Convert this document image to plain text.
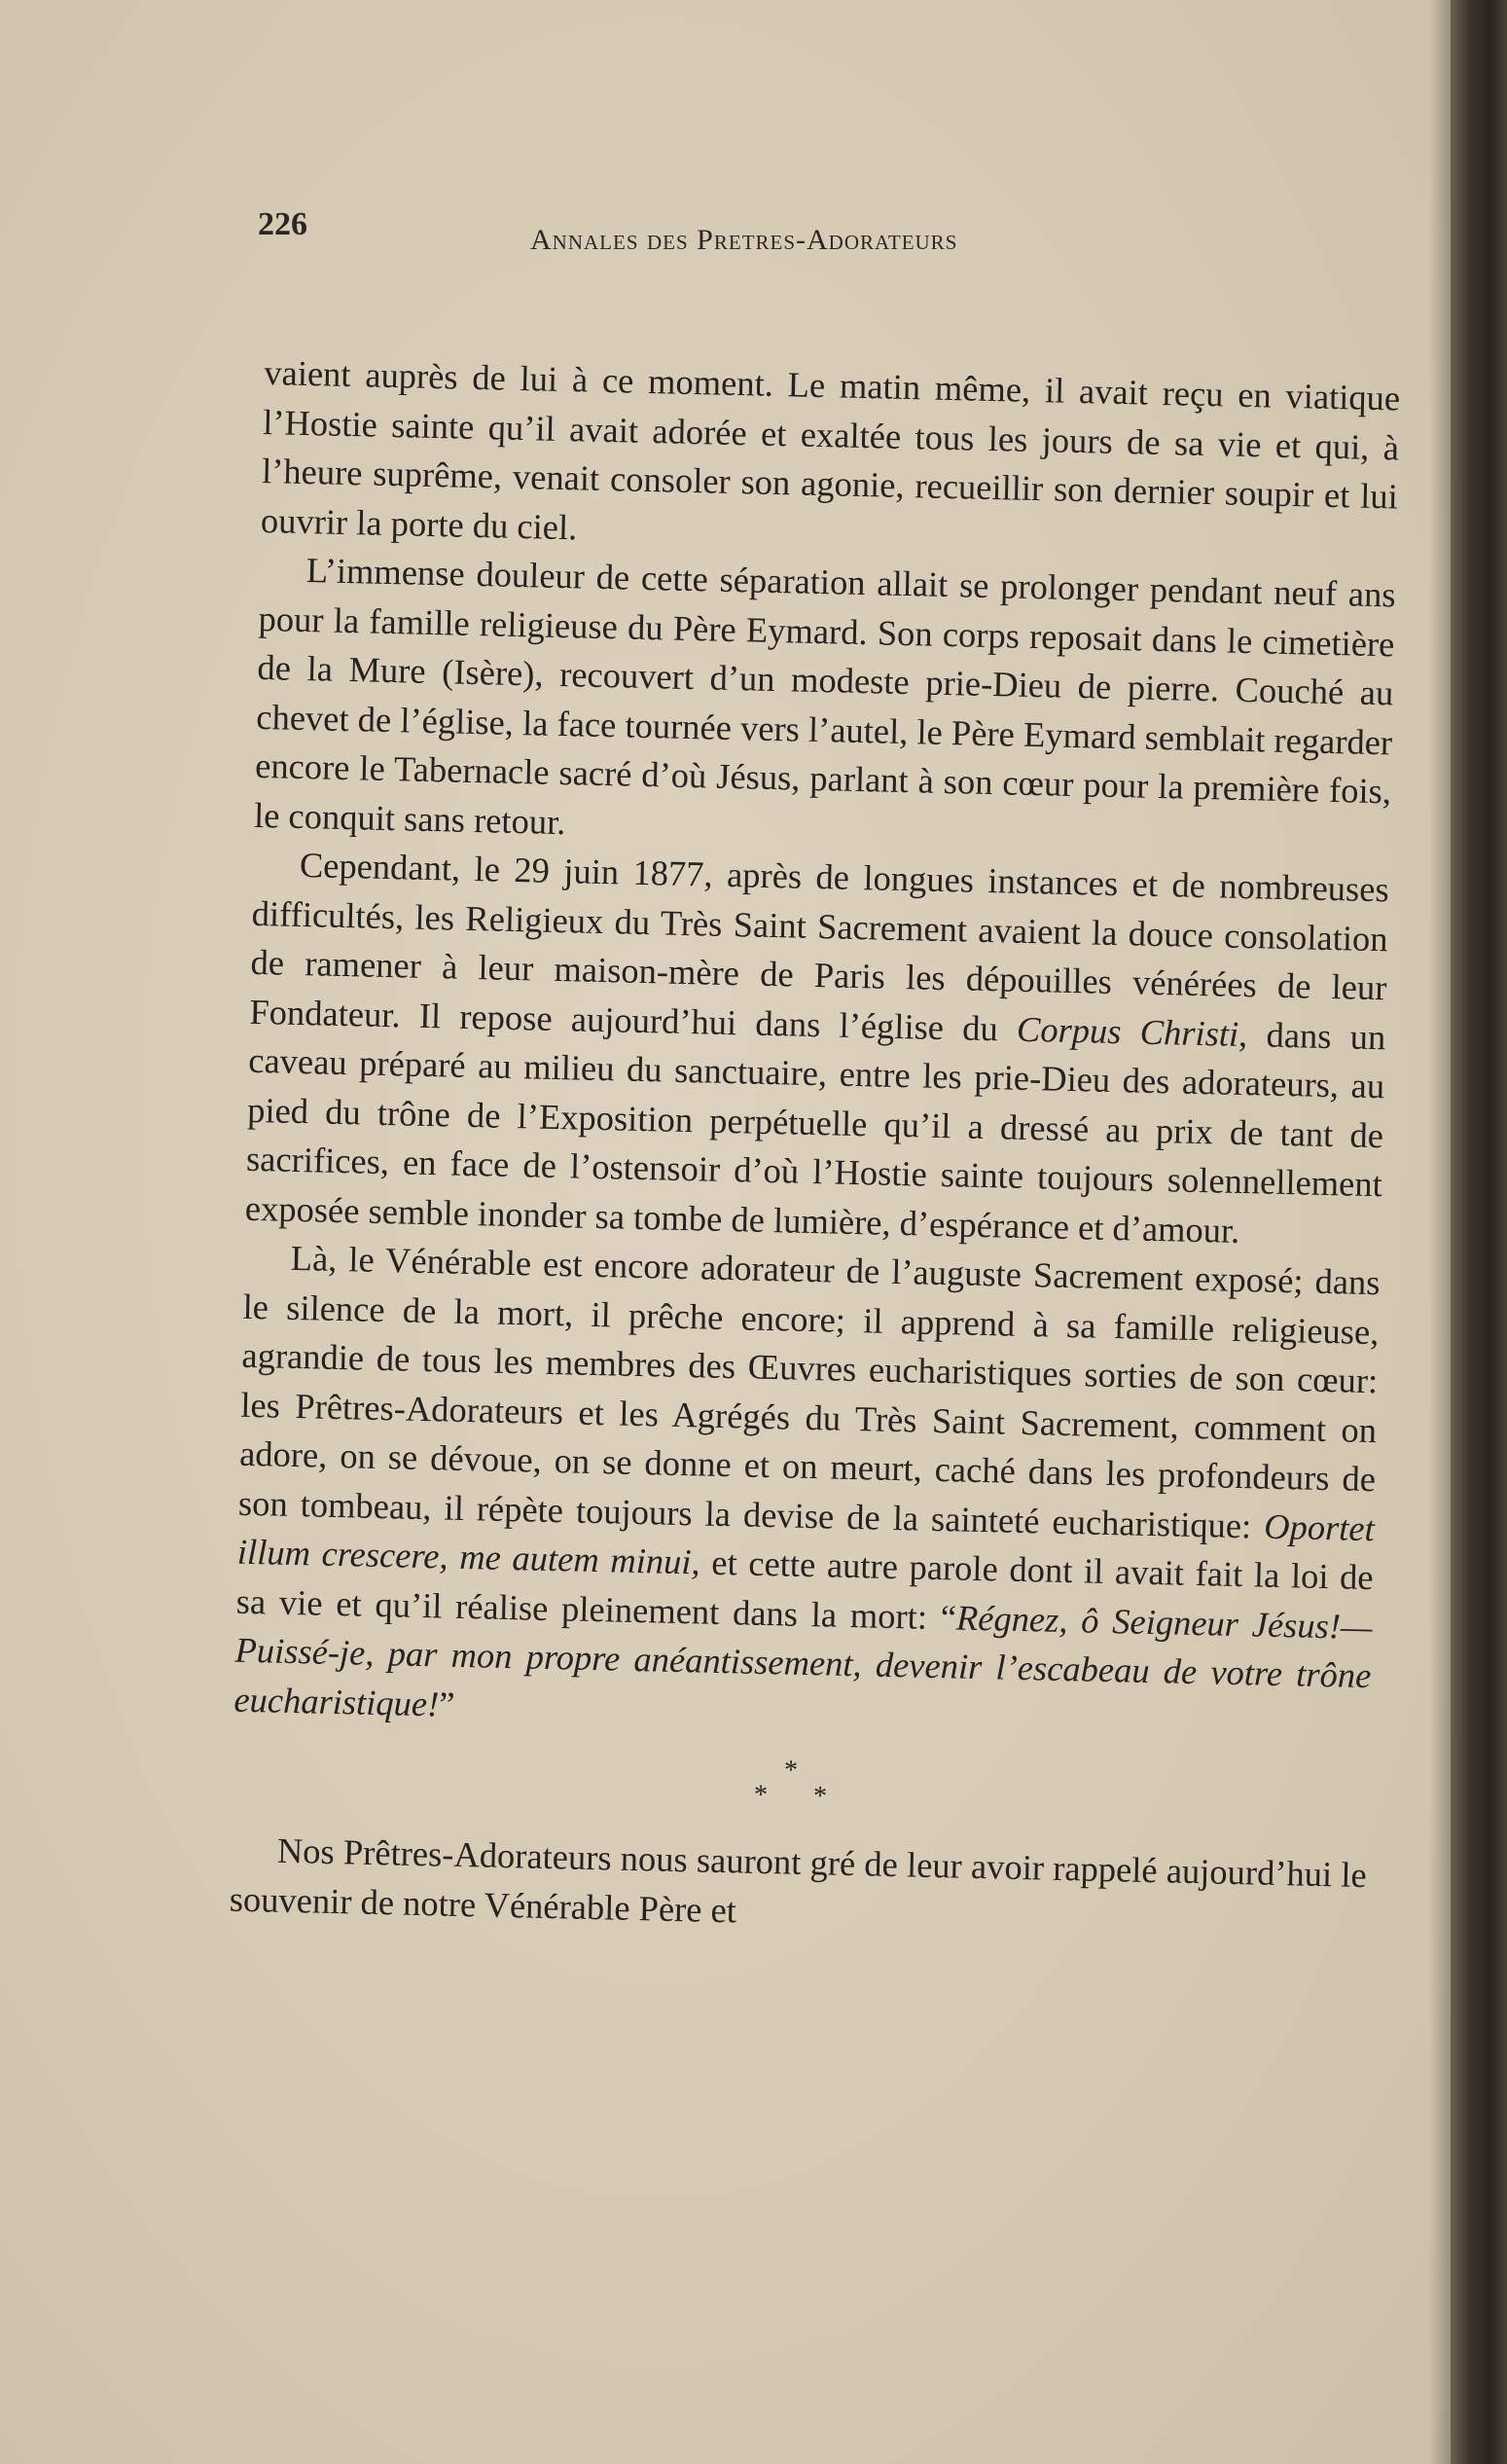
226	Annales des Pretres-Adorateurs

vaient auprès de lui à ce moment. Le matin même, il avait reçu en viatique l’Hostie sainte qu’il avait adorée et exaltée tous les jours de sa vie et qui, à l’heure suprême, venait consoler son agonie, recueillir son dernier soupir et lui ouvrir la porte du ciel.

L’immense douleur de cette séparation allait se prolonger pendant neuf ans pour la famille religieuse du Père Eymard. Son corps reposait dans le cimetière de la Mure (Isère), recouvert d’un modeste prie-Dieu de pierre. Couché au chevet de l’église, la face tournée vers l’autel, le Père Eymard semblait regarder encore le Tabernacle sacré d’où Jésus, parlant à son cœur pour la première fois, le conquit sans retour.

Cependant, le 29 juin 1877, après de longues instances et de nombreuses difficultés, les Religieux du Très Saint Sacrement avaient la douce consolation de ramener à leur maison-mère de Paris les dépouilles vénérées de leur Fondateur. Il repose aujourd’hui dans l’église du Corpus Christi, dans un caveau préparé au milieu du sanctuaire, entre les prie-Dieu des adorateurs, au pied du trône de l’Exposition perpétuelle qu’il a dressé au prix de tant de sacrifices, en face de l’ostensoir d’où l’Hostie sainte toujours solennellement exposée semble inonder sa tombe de lumière, d’espérance et d’amour.

Là, le Vénérable est encore adorateur de l’auguste Sacrement exposé; dans le silence de la mort, il prêche encore; il apprend à sa famille religieuse, agrandie de tous les membres des Œuvres eucharistiques sorties de son cœur: les Prêtres-Adorateurs et les Agrégés du Très Saint Sacrement, comment on adore, on se dévoue, on se donne et on meurt, caché dans les profondeurs de son tombeau, il répète toujours la devise de la sainteté eucharistique: Oportet illum crescere, me autem minui, et cette autre parole dont il avait fait la loi de sa vie et qu’il réalise pleinement dans la mort: “Régnez, ô Seigneur Jésus!—Puissé-je, par mon propre anéantissement, devenir l’escabeau de votre trône eucharistique!”

*
* *

Nos Prêtres-Adorateurs nous sauront gré de leur avoir rappelé aujourd’hui le souvenir de notre Vénérable Père et
